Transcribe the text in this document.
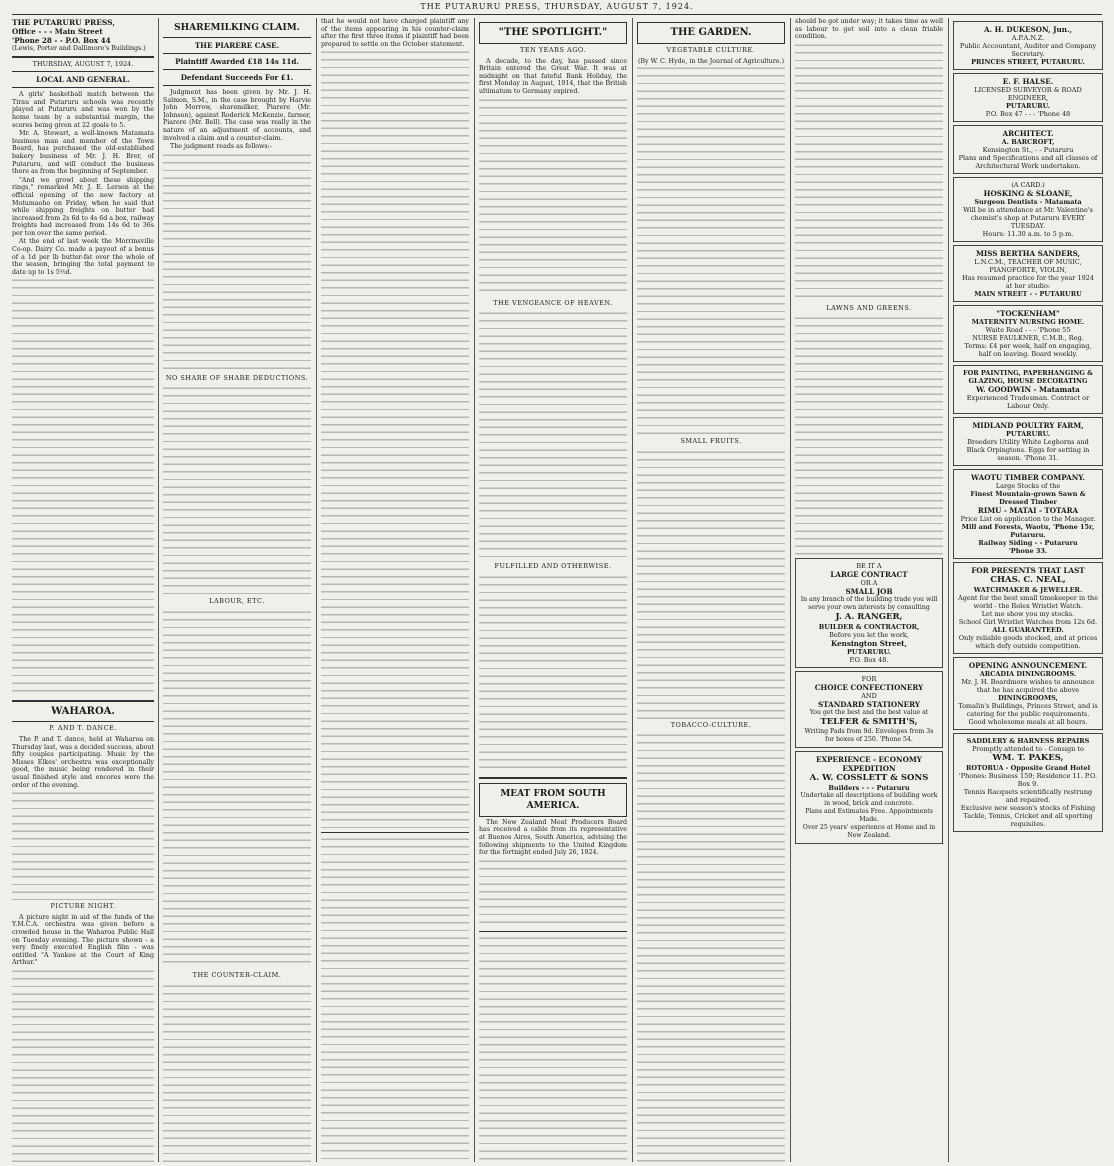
THE PUTARURU PRESS, THURSDAY, AUGUST 7, 1924.
THE PUTARURU PRESS,
Office - - - Main Street
'Phone 28 - - P.O. Box 44
(Lewis, Porter and Dallimore's Buildings.)
THURSDAY, AUGUST 7, 1924.
LOCAL AND GENERAL.

A girls' basketball match between the Tirau and Putaruru schools was recently played at Putaruru and was won by the home team by a substantial margin, the scores being given at 22 goals to 5.

Mr. A. Stewart, a well-known Matamata business man and member of the Town Board, has purchased the old-established bakery business of Mr. J. H. Brer, of Putaruru, and will conduct the business there as from the beginning of September.

"And we growl about these shipping rings," remarked Mr. J. E. Lerson at the official opening of the new factory at Motumaoho on Friday, when he said that while shipping freights on butter had increased from 2s 6d to 4s 6d a box, railway freights had increased from 14s 6d to 36s per ton over the same period.

At the end of last week the Morrinsville Co-op. Dairy Co. made a payout of a bonus of a 1d per lb butter-fat over the whole of the season, bringing the total payment to date up to 1s 5½d.

WAHAROA.
P. AND T. DANCE.

The P. and T. dance, held at Waharoa on Thursday last, was a decided success, about fifty couples participating. Music by the Misses Elkes' orchestra was exceptionally good, the music being rendered in their usual finished style and encores were the order of the evening.

PICTURE NIGHT.

A picture night in aid of the funds of the Y.M.C.A. orchestra was given before a crowded house in the Waharoa Public Hall on Tuesday evening. The picture shown - a very finely executed English film - was entitled "A Yankee at the Court of King Arthur."

SHAREMILKING CLAIM.
THE PIARERE CASE.
Plaintiff Awarded £18 14s 11d.
Defendant Succeeds For £1.

Judgment has been given by Mr. J. H. Salmon, S.M., in the case brought by Harvie John Morrow, sharemilker, Piarere (Mr. Johnson), against Roderick McKenzie, farmer, Piarere (Mr. Bell). The case was really in the nature of an adjustment of accounts, and involved a claim and a counter-claim.

The judgment reads as follows:-

NO SHARE OF SHARE DEDUCTIONS.
LABOUR, ETC.
THE COUNTER-CLAIM.

that he would not have charged plaintiff any of the items appearing in his counter-claim after the first three items if plaintiff had been prepared to settle on the October statement.

"THE SPOTLIGHT."
TEN YEARS AGO.

A decade, to the day, has passed since Britain entered the Great War. It was at midnight on that fateful Bank Holiday, the first Monday in August, 1914, that the British ultimatum to Germany expired.

THE VENGEANCE OF HEAVEN.
FULFILLED AND OTHERWISE.
MEAT FROM SOUTH AMERICA.

The New Zealand Meat Producers Board has received a cable from its representative at Buenos Aires, South America, advising the following shipments to the United Kingdom for the fortnight ended July 26, 1924.

THE GARDEN.
VEGETABLE CULTURE.
(By W. C. Hyde, in the Journal of Agriculture.)
SMALL FRUITS.
TOBACCO-CULTURE.

should be got under way; it takes time as well as labour to get soil into a clean friable condition.

LAWNS AND GREENS.
BE IT A
LARGE CONTRACT
OR A
SMALL JOB
In any branch of the building trade you will serve your own interests by consulting
J. A. RANGER,
BUILDER & CONTRACTOR,
Before you let the work,
Kensington Street,
PUTARURU.
P.O. Box 48.
FOR
CHOICE CONFECTIONERY
AND
STANDARD STATIONERY
You get the best and the best value at
TELFER & SMITH'S,
Writing Pads from 9d. Envelopes from 3s for boxes of 250. 'Phone 54.
EXPERIENCE - ECONOMY
EXPEDITION
A. W. COSSLETT & SONS
Builders - - - Putaruru
Undertake all descriptions of building work in wood, brick and concrete.
Plans and Estimates Free. Appointments Made.
Over 25 years' experience at Home and in New Zealand.
A. H. DUKESON, Jun.,
A.P.A.N.Z.
Public Accountant, Auditor and Company Secretary.
PRINCES STREET, PUTARURU.
E. F. HALSE.
LICENSED SURVEYOR & ROAD ENGINEER,
PUTARURU.
P.O. Box 47 - - - 'Phone 48
ARCHITECT.
A. BARCROFT,
Kensington St., - - Putaruru
Plans and Specifications and all classes of Architectural Work undertaken.
(A CARD.)
HOSKING & SLOANE,
Surgeon Dentists - Matamata
Will be in attendance at Mr. Valentine's chemist's shop at Putaruru EVERY TUESDAY.
Hours: 11.30 a.m. to 5 p.m.
MISS BERTHA SANDERS,
L.N.C.M., TEACHER OF MUSIC, PIANOFORTE, VIOLIN,
Has resumed practice for the year 1924 at her studio:
MAIN STREET - - PUTARURU
"TOCKENHAM"
MATERNITY NURSING HOME.
Waite Road - - - 'Phone 55
NURSE FAULKNER, C.M.B., Reg.
Terms: £4 per week, half on engaging, half on leaving. Board weekly.
FOR PAINTING, PAPERHANGING & GLAZING, HOUSE DECORATING
W. GOODWIN - Matamata
Experienced Tradesman. Contract or Labour Only.
MIDLAND POULTRY FARM,
PUTARURU.
Breeders Utility White Leghorns and Black Orpingtons. Eggs for setting in season. 'Phone 31.
WAOTU TIMBER COMPANY.
Large Stocks of the
Finest Mountain-grown Sawn & Dressed Timber
RIMU - MATAI - TOTARA
Price List on application to the Manager.
Mill and Forests, Waotu, 'Phone 15r, Putaruru.
Railway Siding - - Putaruru
'Phone 33.
FOR PRESENTS THAT LAST
CHAS. C. NEAL,
WATCHMAKER & JEWELLER.
Agent for the best small timekeeper in the world - the Rolex Wristlet Watch.
Let me show you my stocks.
School Girl Wristlet Watches from 12s 6d.
ALL GUARANTEED.
Only reliable goods stocked, and at prices which defy outside competition.
OPENING ANNOUNCEMENT.
ARCADIA DININGROOMS.
Mr. J. H. Boardmore wishes to announce that he has acquired the above
DININGROOMS,
Tomalin's Buildings, Princes Street, and is catering for the public requirements.
Good wholesome meals at all hours.
SADDLERY & HARNESS REPAIRS
Promptly attended to - Consign to
WM. T. PAKES,
ROTORUA - Opposite Grand Hotel
'Phones: Business 159; Residence 11. P.O. Box 9.
Tennis Racquets scientifically restrung and repaired.
Exclusive new season's stocks of Fishing Tackle, Tennis, Cricket and all sporting requisites.
